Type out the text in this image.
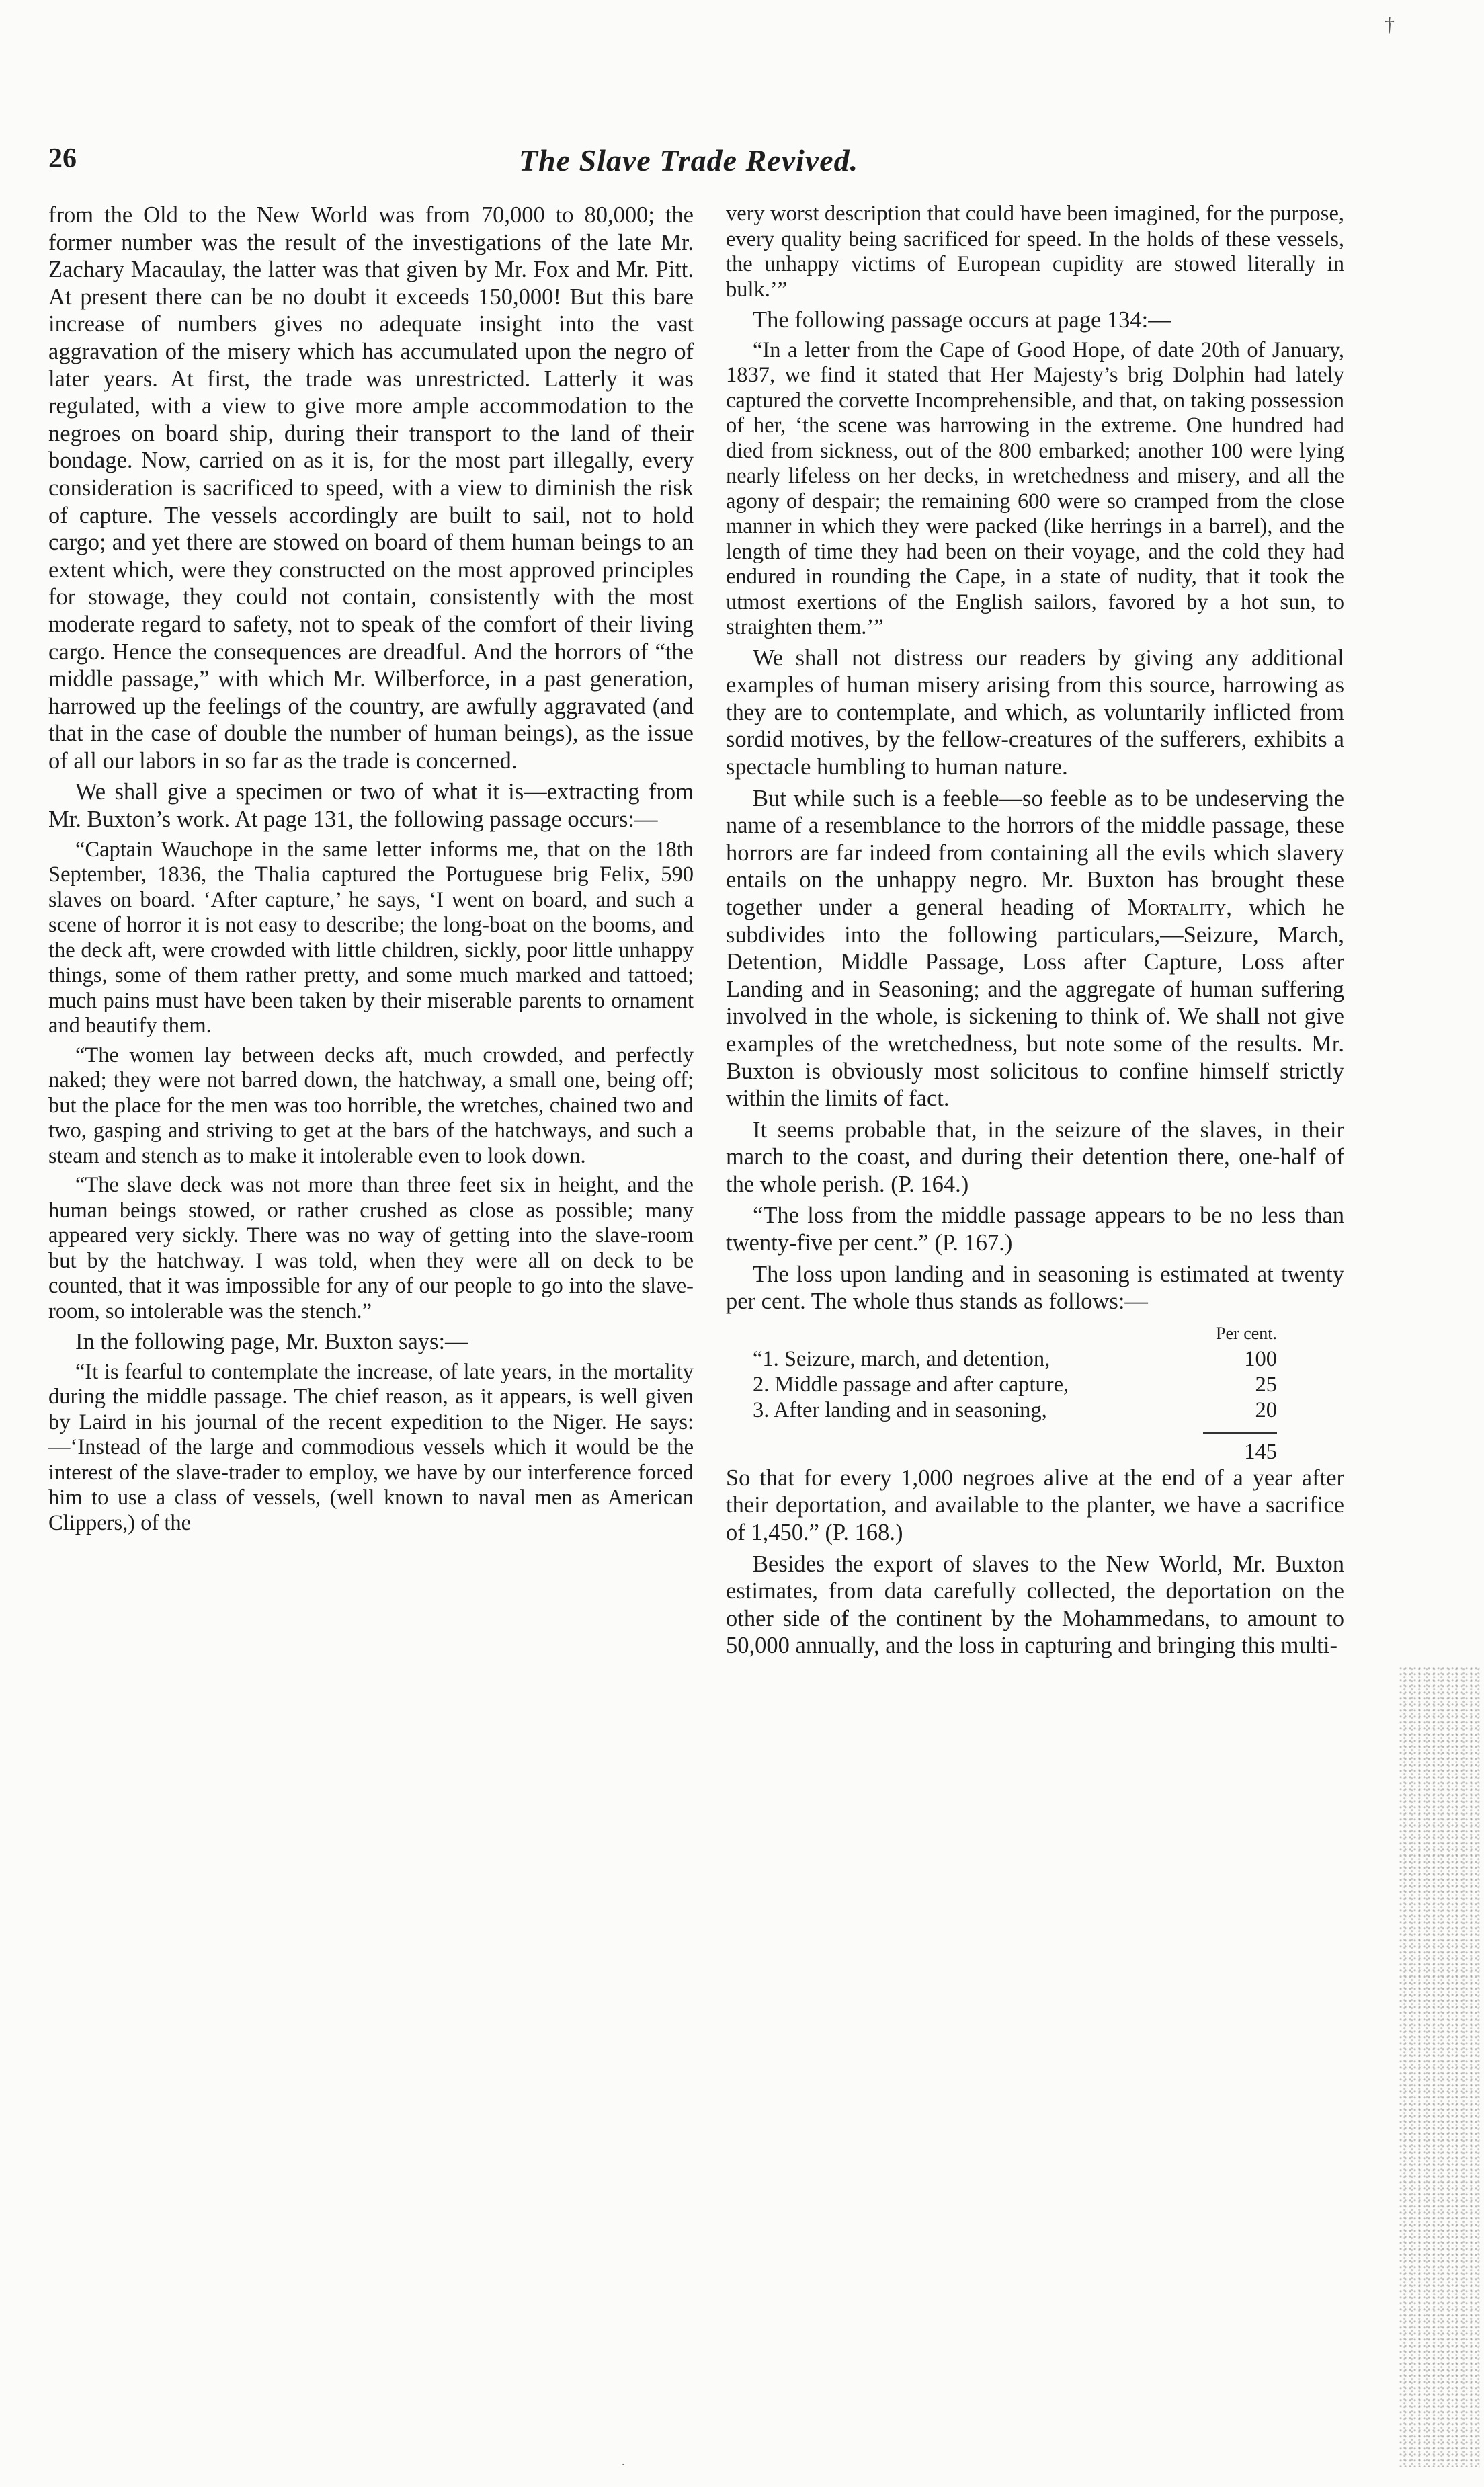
26	The Slave Trade Revived.
†

from the Old to the New World was from 70,000 to 80,000; the former number was the result of the investigations of the late Mr. Zachary Macaulay, the latter was that given by Mr. Fox and Mr. Pitt. At present there can be no doubt it exceeds 150,000! But this bare increase of numbers gives no adequate insight into the vast aggravation of the misery which has accumulated upon the negro of later years. At first, the trade was unrestricted. Latterly it was regulated, with a view to give more ample accommodation to the negroes on board ship, during their transport to the land of their bondage. Now, carried on as it is, for the most part illegally, every consideration is sacrificed to speed, with a view to diminish the risk of capture. The vessels accordingly are built to sail, not to hold cargo; and yet there are stowed on board of them human beings to an extent which, were they constructed on the most approved principles for stowage, they could not contain, consistently with the most moderate regard to safety, not to speak of the comfort of their living cargo. Hence the consequences are dreadful. And the horrors of “the middle passage,” with which Mr. Wilberforce, in a past generation, harrowed up the feelings of the country, are awfully aggravated (and that in the case of double the number of human beings), as the issue of all our labors in so far as the trade is concerned.

We shall give a specimen or two of what it is—extracting from Mr. Buxton’s work. At page 131, the following passage occurs:—

“Captain Wauchope in the same letter informs me, that on the 18th September, 1836, the Thalia captured the Portuguese brig Felix, 590 slaves on board. ‘After capture,’ he says, ‘I went on board, and such a scene of horror it is not easy to describe; the long-boat on the booms, and the deck aft, were crowded with little children, sickly, poor little unhappy things, some of them rather pretty, and some much marked and tattoed; much pains must have been taken by their miserable parents to ornament and beautify them.

“The women lay between decks aft, much crowded, and perfectly naked; they were not barred down, the hatchway, a small one, being off; but the place for the men was too horrible, the wretches, chained two and two, gasping and striving to get at the bars of the hatchways, and such a steam and stench as to make it intolerable even to look down.

“The slave deck was not more than three feet six in height, and the human beings stowed, or rather crushed as close as possible; many appeared very sickly. There was no way of getting into the slave-room but by the hatchway. I was told, when they were all on deck to be counted, that it was impossible for any of our people to go into the slave-room, so intolerable was the stench.”

In the following page, Mr. Buxton says:—

“It is fearful to contemplate the increase, of late years, in the mortality during the middle passage. The chief reason, as it appears, is well given by Laird in his journal of the recent expedition to the Niger. He says:—‘Instead of the large and commodious vessels which it would be the interest of the slave-trader to employ, we have by our interference forced him to use a class of vessels, (well known to naval men as American Clippers,) of the

very worst description that could have been imagined, for the purpose, every quality being sacrificed for speed. In the holds of these vessels, the unhappy victims of European cupidity are stowed literally in bulk.’”

The following passage occurs at page 134:—

“In a letter from the Cape of Good Hope, of date 20th of January, 1837, we find it stated that Her Majesty’s brig Dolphin had lately captured the corvette Incomprehensible, and that, on taking possession of her, ‘the scene was harrowing in the extreme. One hundred had died from sickness, out of the 800 embarked; another 100 were lying nearly lifeless on her decks, in wretchedness and misery, and all the agony of despair; the remaining 600 were so cramped from the close manner in which they were packed (like herrings in a barrel), and the length of time they had been on their voyage, and the cold they had endured in rounding the Cape, in a state of nudity, that it took the utmost exertions of the English sailors, favored by a hot sun, to straighten them.’”

We shall not distress our readers by giving any additional examples of human misery arising from this source, harrowing as they are to contemplate, and which, as voluntarily inflicted from sordid motives, by the fellow-creatures of the sufferers, exhibits a spectacle humbling to human nature.

But while such is a feeble—so feeble as to be undeserving the name of a resemblance to the horrors of the middle passage, these horrors are far indeed from containing all the evils which slavery entails on the unhappy negro. Mr. Buxton has brought these together under a general heading of Mortality, which he subdivides into the following particulars,—Seizure, March, Detention, Middle Passage, Loss after Capture, Loss after Landing and in Seasoning; and the aggregate of human suffering involved in the whole, is sickening to think of. We shall not give examples of the wretchedness, but note some of the results. Mr. Buxton is obviously most solicitous to confine himself strictly within the limits of fact.

It seems probable that, in the seizure of the slaves, in their march to the coast, and during their detention there, one-half of the whole perish. (P. 164.)

“The loss from the middle passage appears to be no less than twenty-five per cent.” (P. 167.)

The loss upon landing and in seasoning is estimated at twenty per cent. The whole thus stands as follows:—

Per cent.
“1. Seizure, march, and detention,	100
2. Middle passage and after capture,	25
3. After landing and in seasoning,	20
145

So that for every 1,000 negroes alive at the end of a year after their deportation, and available to the planter, we have a sacrifice of 1,450.” (P. 168.)

Besides the export of slaves to the New World, Mr. Buxton estimates, from data carefully collected, the deportation on the other side of the continent by the Mohammedans, to amount to 50,000 annually, and the loss in capturing and bringing this multi-

.
